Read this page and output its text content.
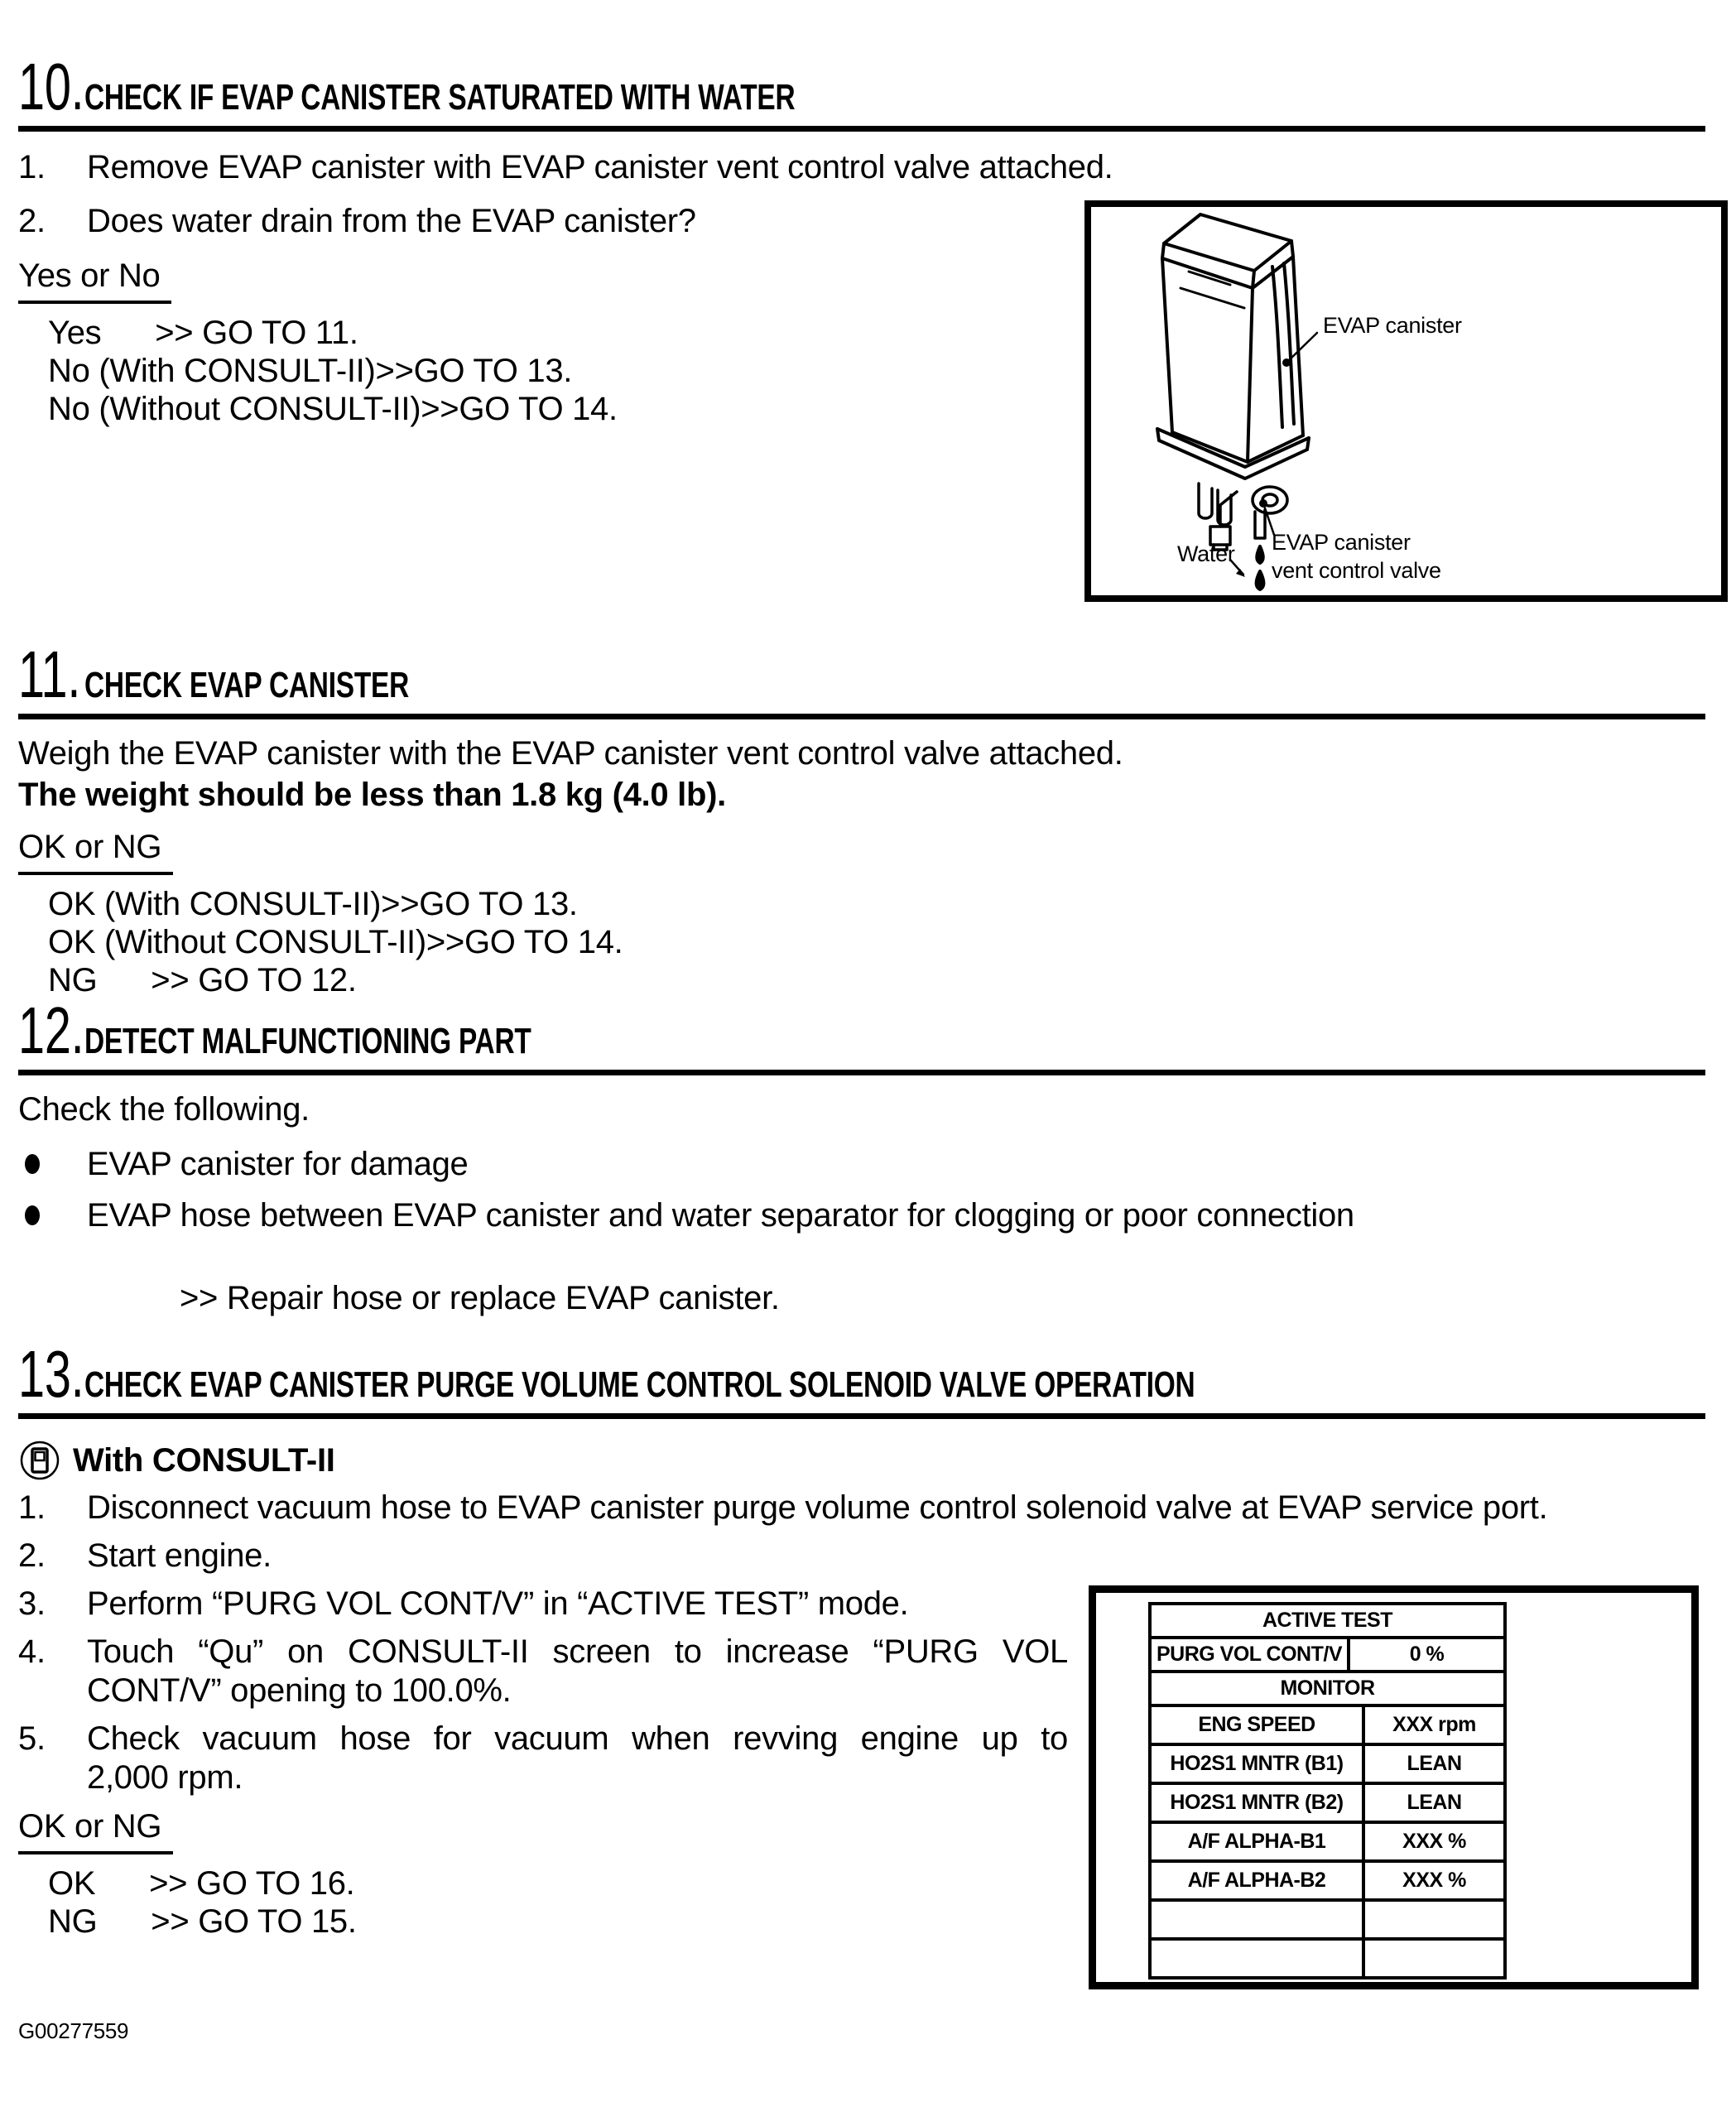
10. CHECK IF EVAP CANISTER SATURATED WITH WATER
1.	Remove EVAP canister with EVAP canister vent control valve attached.
2.	Does water drain from the EVAP canister?
Yes or No
Yes      >> GO TO 11.
No (With CONSULT-II)>>GO TO 13.
No (Without CONSULT-II)>>GO TO 14.
EVAP canister
Water EVAP canister
vent control valve
11. CHECK EVAP CANISTER
Weigh the EVAP canister with the EVAP canister vent control valve attached.
The weight should be less than 1.8 kg (4.0 lb).
OK or NG
OK (With CONSULT-II)>>GO TO 13.
OK (Without CONSULT-II)>>GO TO 14.
NG      >> GO TO 12.
12. DETECT MALFUNCTIONING PART
Check the following.
EVAP canister for damage
EVAP hose between EVAP canister and water separator for clogging or poor connection
>> Repair hose or replace EVAP canister.
13. CHECK EVAP CANISTER PURGE VOLUME CONTROL SOLENOID VALVE OPERATION
With CONSULT-II
1.	Disconnect vacuum hose to EVAP canister purge volume control solenoid valve at EVAP service port.
2.	Start engine.
3.	Perform “PURG VOL CONT/V” in “ACTIVE TEST” mode.
4.	Touch “Qu” on CONSULT-II screen to increase “PURG VOL
CONT/V” opening to 100.0%.
5.	Check vacuum hose for vacuum when revving engine up to
2,000 rpm.
OK or NG
OK      >> GO TO 16.
NG      >> GO TO 15.
ACTIVE TEST
PURG VOL CONT/V	0 %
MONITOR
ENG SPEED	XXX rpm
HO2S1 MNTR (B1)	LEAN
HO2S1 MNTR (B2)	LEAN
A/F ALPHA-B1	XXX %
A/F ALPHA-B2	XXX %
G00277559
